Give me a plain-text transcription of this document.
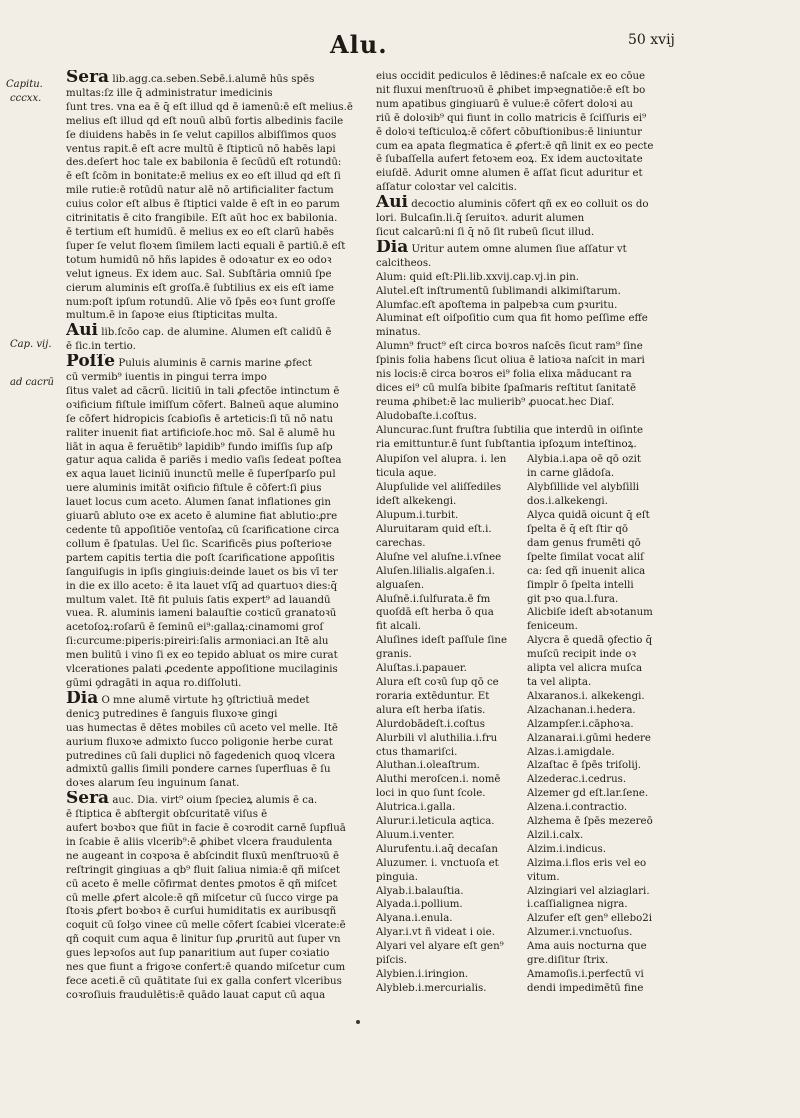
Alu.	50 xvij
Capitu.
cccxx.
Cap. vij.
ad cacrū
Sera lib.agg.ca.seben.Sebē.i.alumē hūs spēs
multas:ſz ille q̄ administratur imedicinis
ſunt tres. vna ea ē q̄ eſt illud qd̄ ē iamenū:ē eſt melius.ē
melius eſt illud qd̄ eſt nouū albū fortis albedinis facile
ſe diuidens habēs in ſe velut capillos albiſſimos quos
ventus rapit.ē eſt acre multū ē ſtipticū nō habēs lapi
des.deſert hoc tale ex babilonia ē ſecūdū eſt rotundū:
ē eſt ſcōm in bonitate:ē melius ex eo eſt illud qd̄ eſt ſi
mile rutie:ē rotūdū natur alē nō artificialiter factum
cuius color eſt albus ē ſtiptici valde ē eſt in eo parum
citrinitatis ē cito frangibile. Eſt aūt hoc ex babilonia.
ē tertium eſt humidū. ē melius ex eo eſt clarū habēs
ſuper ſe velut floꝛem ſimilem lacti equali ē partiū.ē eſt
totum humidū nō hñs lapides ē odoꝛatur ex eo odoꝛ
velut igneus. Ex idem auc. Sal. Subſtāria omniū ſpe
cierum aluminis eſt groſſa.ē ſubtilius ex eis eſt iame
num:poſt ipſum rotundū. Alie vō ſpēs eoꝛ ſunt groſſe
multum.ē in ſapoꝛe eius ſtipticitas multa.
Aui lib.ſcōo cap. de alumine. Alumen eſt calidū ē
ē ſic.in tertio.
Poſſe Puluis aluminis ē carnis marine ꝓfect
cū vermib⁹ iuentis in pingui terra impo
ſitus valet ad cācrū. licitiū in tali ꝓfectōe intinctum ē
oꝛificium fiſtule imiſſum cōfert. Balneū aque alumino
ſe cōfert hidropicis ſcabioſis ē arteticis:ſi tū nō natu
raliter inuenit fiat artificioſe.hoc mō. Sal ē alumē hu
liāt in aqua ē feruētib⁹ lapidib⁹ fundo imiſſis ſup aſp
gatur aqua calida ē pariēs i medio vaſis ſedeat poſtea
ex aqua lauet liciniū inunctū melle ē ſuperſparſo pul
uere aluminis imitāt oꝛificio fiſtule ē cōfert:ſi ꝑius
lauet locus cum aceto. Alumen ſanat inflationes gin
giuarū abluto oꝛe ex aceto ē alumine fiat ablutio:ꝓre
cedente tū appoſitiōe ventoſaꝝ cū ſcarificatione circa
collum ē ſpatulas. Uel ſic. Scarificēs ꝑius poſterioꝛe
partem capitis tertia die poſt ſcarificatione appoſitis
ſanguiſugis in ipſis gingiuis:deinde lauet os bis vī ter
in die ex illo aceto: ē ita lauet vſq̄ ad quartuoꝛ dies:q̄
multum valet. Itē fit puluis ſatis expert⁹ ad lauandū
vuea. R. aluminis iameni balauſtie coꝛticū granatoꝛū
acetoſoꝝ:roſarū ē ſeminū ei⁹:gallaꝝ:cinamomi groſ
ſi:curcume:piperis:pireiri:ſalis armoniaci.an Itē alu
men bulitū i vino ſi ex eo tepido abluat os mire curat
vlcerationes palati ꝓcedente appoſitione mucilaginis
gūmi ꝯdragāti in aqua ro.diſſoluti.
Dia O mne alumē virtute hꝫ ꝯſtrictiuā medet
denicꝫ putredines ē ſanguis fluxoꝛe gingi
uas humectas ē dētes mobiles cū aceto vel melle. Itē
aurium fluxoꝛe admixto ſucco poligonie herbe curat
putredines cū ſali duplici nō fagedenich quoꝗ vlcera
admixtū gallis ſimili pondere carnes ſuperfluas ē ſu
doꝛes alarum ſeu inguinum ſanat.
Sera auc. Dia. virt⁹ oium ſpecieꝝ alumis ē ca.
ē ſtiptica ē abſtergit obſcuritatē viſus ē
aufert boꝛboꝛ que fiūt in facie ē coꝛrodit carnē ſupfluā
in ſcabie ē aliis vlcerib⁹:ē ꝓhibet vlcera fraudulenta
ne augeant in coꝛpoꝛa ē abſcindit fluxū menſtruoꝛū ē
reſtringit gingiuas a qb⁹ fluit ſaliua nimia:ē qñ miſcet
cū aceto ē melle cōfirmat dentes ꝑmotos ē qñ miſcet
cū melle ꝓfert alcole:ē qñ miſcetur cū ſucco virge pa
ſtoꝛis ꝓfert boꝛboꝛ ē curſui humiditatis ex auribusqñ
coquit cū ſolȝo vinee cū melle cōfert ſcabiei vlcerate:ē
qñ coquit cum aqua ē linitur ſup ꝓruritū aut ſuper vn
gues lepꝛoſos aut ſup panaritium aut ſuper coꝛiatio
nes que fiunt a frigoꝛe confert:ē quando miſcetur cum
fece aceti.ē cū quātitate ſui ex galla confert vlceribus
coꝛroſiuis fraudulētis:ē quādo lauat caput cū aqua
eius occidit pediculos ē lēdines:ē naſcale ex eo cōue
nit fluxui menſtruoꝛū ē ꝓhibet impꝛegnatiōe:ē eſt bo
num apatibus gingiuarū ē vulue:ē cōfert doloꝛi au
riū ē doloꝛib⁹ qui fiunt in collo matricis ē ſciſſuris ei⁹
ē doloꝛi teſticuloꝝ:ē cōfert cōbuſtionibus:ē liniuntur
cum ea apata flegmatica ē ꝓfert:ē qñ linit ex eo pecte
ē ſubaſſella aufert fetoꝛem eoꝝ. Ex idem auctoꝛitate
eiuſdē. Adurit omne alumen ē aſſat ſicut aduritur et
aſſatur coloꝛtar vel calcitis.
Aui decoctio aluminis cōfert qñ ex eo colluit os do
lori. Bulcaſin.li.q̄ ſeruitoꝛ. adurit alumen
ſicut calcarū:ni ſi q̄ nō ſit rubeū ſicut illud.
Dia Uritur autem omne alumen ſiue aſſatur vt
calcitheos.
Alum: quid eſt:Pli.lib.xxvij.cap.vj.in ꝑin.
Alutel.eſt inſtrumentū ſublimandi alkimiſtarum.
Alumfac.eſt apoſtema in palpebꝛa cum ꝑꝛuritu.
Aluminat eſt oiſpoſitio cum qua fit homo peſſime effe
minatus.
Alumn⁹ fruct⁹ eſt circa boꝛros naſcēs ſicut ram⁹ ſine
ſpinis folia habens ſicut oliua ē latioꝛa naſcit in mari
nis locis:ē circa boꝛros ei⁹ folia elixa māducant ra
dices ei⁹ cū mulſa bibite ſpaſmaris reſtitut ſanitatē
reuma ꝓhibet:ē lac mulierib⁹ ꝓuocat.hec Diaſ.
Aludobaſte.i.coſtus.
Aluncurac.ſunt fruſtra ſubtilia que interdū in oiſinte
ria emittuntur.ē ſunt ſubſtantia ipſoꝝum inteſtinoꝝ.
Alupiſon vel alupra. i. len
ticula aque.
Alupſulide vel aliſſediles
ideſt alkekengi.
Alupum.i.turbit.
Aluruitaram quid eſt.i.
carechas.
Aluſne vel aluſne.i.vſnee
Aluſen.lilialis.algaſen.i.
alguaſen.
Aluſnē.i.ſulfurata.ē fm
quoſdā eſt herba ō qua
fit alcali.
Aluſines ideſt paſſule ſine
granis.
Aluſtas.i.papauer.
Alura eſt coꝛū ſup qō ce
roraria extēduntur. Et
alura eſt herba iſatis.
Alurdobādeſt.i.coſtus
Alurbili vl aluthilia.i.fru
ctus thamariſci.
Aluthan.i.oleaſtrum.
Aluthi meroſcen.i. nomē
loci in quo ſunt ſcole.
Alutrica.i.galla.
Alurur.i.leticula aqtica.
Aluum.i.venter.
Alurufentu.i.aq̄ decaſan
Aluzumer. i. vnctuoſa et
pinguia.
Alyab.i.balauſtia.
Alyada.i.pollium.
Alyana.i.enula.
Alyar.i.vt ñ videat i oie.
Alyari vel alyare eſt gen⁹
piſcis.
Alybien.i.iringion.
Alybleb.i.mercurialis.
Alybia.i.apa oē qō ozit
in carne glādoſa.
Alybſillide vel alybſilli
dos.i.alkekengi.
Alyca quidā oicunt q̄ eſt
ſpelta ē q̄ eſt ſtir qō
dam genus frumēti qō
ſpelte ſimilat vocat aliſ
ca: ſed qñ inuenit alica
ſimplr ō ſpelta intelli
git pꝛo qua.l.fura.
Alicbiſe ideſt abꝛotanum
feniceum.
Alycra ē quedā ꝯfectio q̄
muſcū recipit inde oꝛ
alipta vel alicra muſca
ta vel alipta.
Alxaranos.i. alkekengi.
Alzachanan.i.hedera.
Alzampſer.i.cāphoꝛa.
Alzanarai.i.gūmi hedere
Alzas.i.amigdale.
Alzaſtac ē ſpēs triſolij.
Alzederac.i.cedrus.
Alzemer gd eſt.lar.ſene.
Alzena.i.contractio.
Alzhema ē ſpēs mezereō
Alzil.i.calx.
Alzim.i.indicus.
Alzima.i.flos eris vel eo
vitum.
Alzingiari vel alziaglari.
i.caſſialignea nigra.
Alzufer eſt gen⁹ ellebo2i
Alzumer.i.vnctuoſus.
Ama auis nocturna que
gre.diſitur ſtrix.
Amamoſis.i.perfectū vi
dendi impedimētū fine
